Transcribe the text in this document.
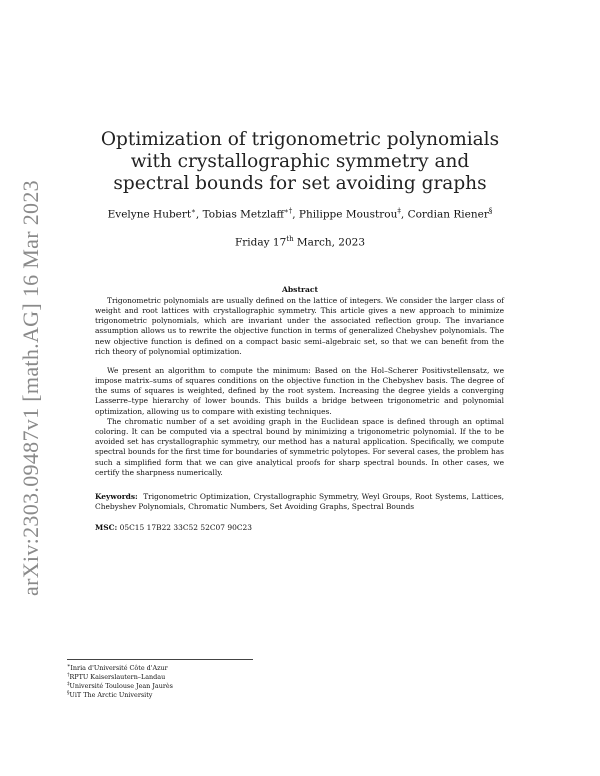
arXiv:2303.09487v1 [math.AG] 16 Mar 2023
Optimization of trigonometric polynomials
with crystallographic symmetry and
spectral bounds for set avoiding graphs
Evelyne Hubert∗, Tobias Metzlaff∗†, Philippe Moustrou‡, Cordian Riener§
Friday 17th March, 2023
Abstract

Trigonometric polynomials are usually defined on the lattice of integers. We consider the larger class of weight and root lattices with crystallographic symmetry. This article gives a new approach to minimize trigonometric polynomials, which are invariant under the associated reflection group. The invariance assumption allows us to rewrite the objective function in terms of generalized Chebyshev polynomials. The new objective function is defined on a compact basic semi–algebraic set, so that we can benefit from the rich theory of polynomial optimization.

We present an algorithm to compute the minimum: Based on the Hol–Scherer Positivstellensatz, we impose matrix–sums of squares conditions on the objective function in the Chebyshev basis. The degree of the sums of squares is weighted, defined by the root system. Increasing the degree yields a converging Lasserre–type hierarchy of lower bounds. This builds a bridge between trigonometric and polynomial optimization, allowing us to compare with existing techniques.

The chromatic number of a set avoiding graph in the Euclidean space is defined through an optimal coloring. It can be computed via a spectral bound by minimizing a trigonometric polynomial. If the to be avoided set has crystallographic symmetry, our method has a natural application. Specifically, we compute spectral bounds for the first time for boundaries of symmetric polytopes. For several cases, the problem has such a simplified form that we can give analytical proofs for sharp spectral bounds. In other cases, we certify the sharpness numerically.

Keywords: Trigonometric Optimization, Crystallographic Symmetry, Weyl Groups, Root Systems, Lattices, Chebyshev Polynomials, Chromatic Numbers, Set Avoiding Graphs, Spectral Bounds
MSC: 05C15 17B22 33C52 52C07 90C23
∗Inria d'Université Côte d'Azur
†RPTU Kaiserslautern–Landau
‡Université Toulouse Jean Jaurès
§UiT The Arctic University
